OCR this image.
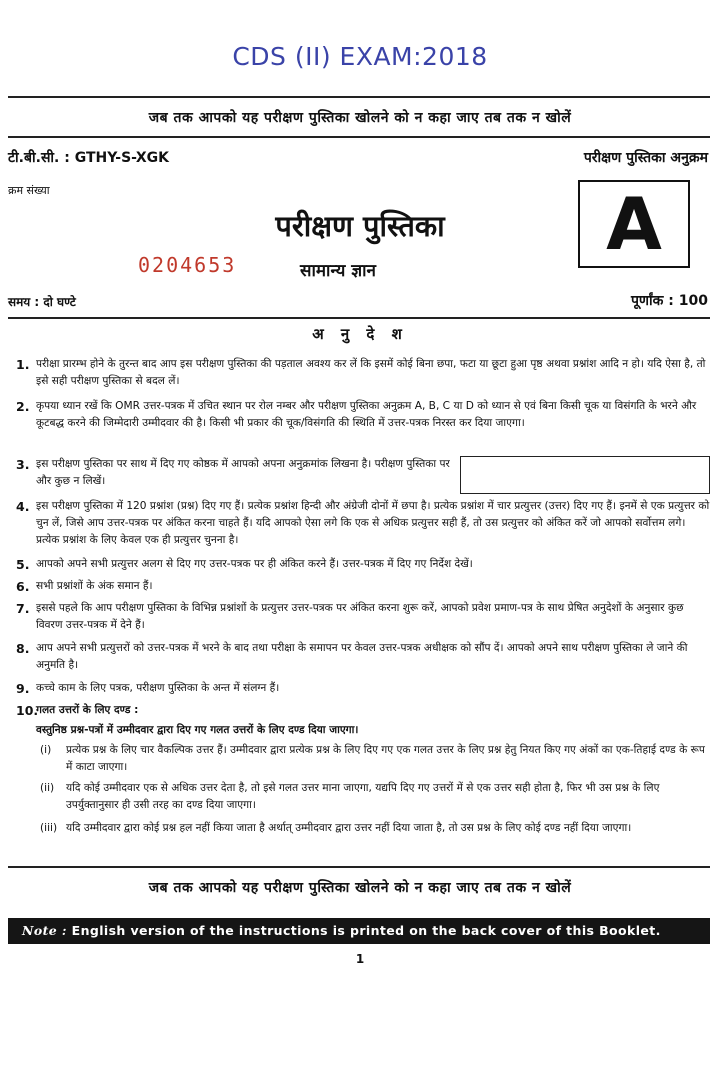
CDS (II) EXAM:2018
जब तक आपको यह परीक्षण पुस्तिका खोलने को न कहा जाए तब तक न खोलें
टी.बी.सी. : GTHY-S-XGK	परीक्षण पुस्तिका अनुक्रम
क्रम संख्या
परीक्षण पुस्तिका
0204653	सामान्य ज्ञान
A
समय : दो घण्टे	पूर्णांक : 100
अ नु दे श
1. परीक्षा प्रारम्भ होने के तुरन्त बाद आप इस परीक्षण पुस्तिका की पड़ताल अवश्य कर लें कि इसमें कोई बिना छपा, फटा या छूटा हुआ पृष्ठ अथवा प्रश्नांश आदि न हो। यदि ऐसा है, तो इसे सही परीक्षण पुस्तिका से बदल लें।
2. कृपया ध्यान रखें कि OMR उत्तर-पत्रक में उचित स्थान पर रोल नम्बर और परीक्षण पुस्तिका अनुक्रम A, B, C या D को ध्यान से एवं बिना किसी चूक या विसंगति के भरने और कूटबद्ध करने की जिम्मेदारी उम्मीदवार की है। किसी भी प्रकार की चूक/विसंगति की स्थिति में उत्तर-पत्रक निरस्त कर दिया जाएगा।
3. इस परीक्षण पुस्तिका पर साथ में दिए गए कोष्ठक में आपको अपना अनुक्रमांक लिखना है। परीक्षण पुस्तिका पर और कुछ न लिखें।
4. इस परीक्षण पुस्तिका में 120 प्रश्नांश (प्रश्न) दिए गए हैं। प्रत्येक प्रश्नांश हिन्दी और अंग्रेजी दोनों में छपा है। प्रत्येक प्रश्नांश में चार प्रत्युत्तर (उत्तर) दिए गए हैं। इनमें से एक प्रत्युत्तर को चुन लें, जिसे आप उत्तर-पत्रक पर अंकित करना चाहते हैं। यदि आपको ऐसा लगे कि एक से अधिक प्रत्युत्तर सही हैं, तो उस प्रत्युत्तर को अंकित करें जो आपको सर्वोत्तम लगे। प्रत्येक प्रश्नांश के लिए केवल एक ही प्रत्युत्तर चुनना है।
5. आपको अपने सभी प्रत्युत्तर अलग से दिए गए उत्तर-पत्रक पर ही अंकित करने हैं। उत्तर-पत्रक में दिए गए निर्देश देखें।
6. सभी प्रश्नांशों के अंक समान हैं।
7. इससे पहले कि आप परीक्षण पुस्तिका के विभिन्न प्रश्नांशों के प्रत्युत्तर उत्तर-पत्रक पर अंकित करना शुरू करें, आपको प्रवेश प्रमाण-पत्र के साथ प्रेषित अनुदेशों के अनुसार कुछ विवरण उत्तर-पत्रक में देने हैं।
8. आप अपने सभी प्रत्युत्तरों को उत्तर-पत्रक में भरने के बाद तथा परीक्षा के समापन पर केवल उत्तर-पत्रक अधीक्षक को सौंप दें। आपको अपने साथ परीक्षण पुस्तिका ले जाने की अनुमति है।
9. कच्चे काम के लिए पत्रक, परीक्षण पुस्तिका के अन्त में संलग्न हैं।
10.
गलत उत्तरों के लिए दण्ड :
वस्तुनिष्ठ प्रश्न-पत्रों में उम्मीदवार द्वारा दिए गए गलत उत्तरों के लिए दण्ड दिया जाएगा।
(i) प्रत्येक प्रश्न के लिए चार वैकल्पिक उत्तर हैं। उम्मीदवार द्वारा प्रत्येक प्रश्न के लिए दिए गए एक गलत उत्तर के लिए प्रश्न हेतु नियत किए गए अंकों का एक-तिहाई दण्ड के रूप में काटा जाएगा।
(ii) यदि कोई उम्मीदवार एक से अधिक उत्तर देता है, तो इसे गलत उत्तर माना जाएगा, यद्यपि दिए गए उत्तरों में से एक उत्तर सही होता है, फिर भी उस प्रश्न के लिए उपर्युक्तानुसार ही उसी तरह का दण्ड दिया जाएगा।
(iii) यदि उम्मीदवार द्वारा कोई प्रश्न हल नहीं किया जाता है अर्थात् उम्मीदवार द्वारा उत्तर नहीं दिया जाता है, तो उस प्रश्न के लिए कोई दण्ड नहीं दिया जाएगा।
जब तक आपको यह परीक्षण पुस्तिका खोलने को न कहा जाए तब तक न खोलें
Note : English version of the instructions is printed on the back cover of this Booklet.
1
